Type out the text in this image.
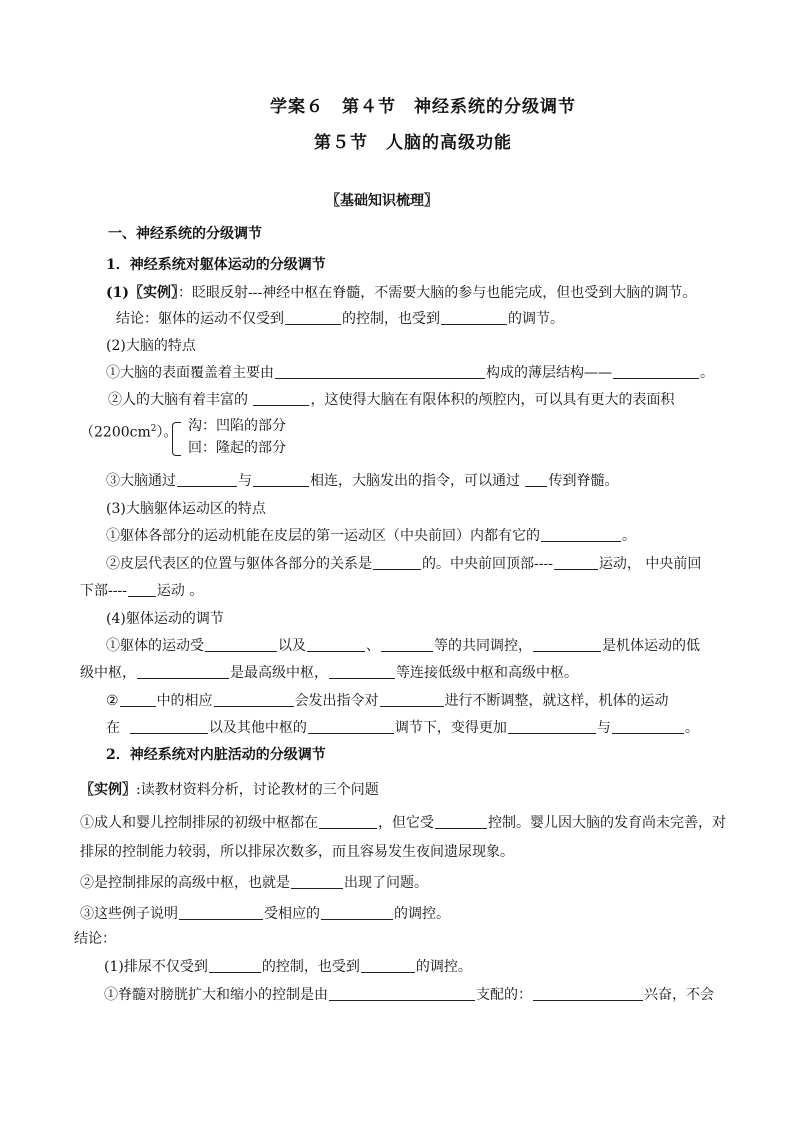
学案６　第４节　神经系统的分级调节
第５节　人脑的高级功能
〖基础知识梳理〗
一、神经系统的分级调节
1．神经系统对躯体运动的分级调节
(1)〖实例〗：眨眼反射---神经中枢在脊髓，不需要大脑的参与也能完成，但也受到大脑的调节。
结论：躯体的运动不仅受到	的控制，也受到	的调节。
(2)大脑的特点
①大脑的表面覆盖着主要由	构成的薄层结构——	。
②人的大脑有着丰富的	，这使得大脑在有限体积的颅腔内，可以具有更大的表面积
$(2200cm^2)$。 沟：凹陷的部分
回：隆起的部分
③大脑通过	与	相连，大脑发出的指令，可以通过 传到脊髓。
(3)大脑躯体运动区的特点
①躯体各部分的运动机能在皮层的第一运动区（中央前回）内都有它的	。
②皮层代表区的位置与躯体各部分的关系是	的。中央前回顶部----	运动， 中央前回
下部---- 运动 。
(4)躯体运动的调节
①躯体的运动受	以及	、	等的共同调控，	是机体运动的低
级中枢，	是最高级中枢，	等连接低级中枢和高级中枢。
②	中的相应	会发出指令对	进行不断调整，就这样，机体的运动
在	以及其他中枢的	调节下，变得更加	与	。
2．神经系统对内脏活动的分级调节
〖实例〗:读教材资料分析，讨论教材的三个问题
①成人和婴儿控制排尿的初级中枢都在	，但它受	控制。婴儿因大脑的发育尚未完善，对
排尿的控制能力较弱，所以排尿次数多，而且容易发生夜间遗尿现象。
②是控制排尿的高级中枢，也就是	出现了问题。
③这些例子说明	受相应的	的调控。
结论：
(1)排尿不仅受到	的控制，也受到	的调控。
①脊髓对膀胱扩大和缩小的控制是由	支配的：	兴奋，不会
